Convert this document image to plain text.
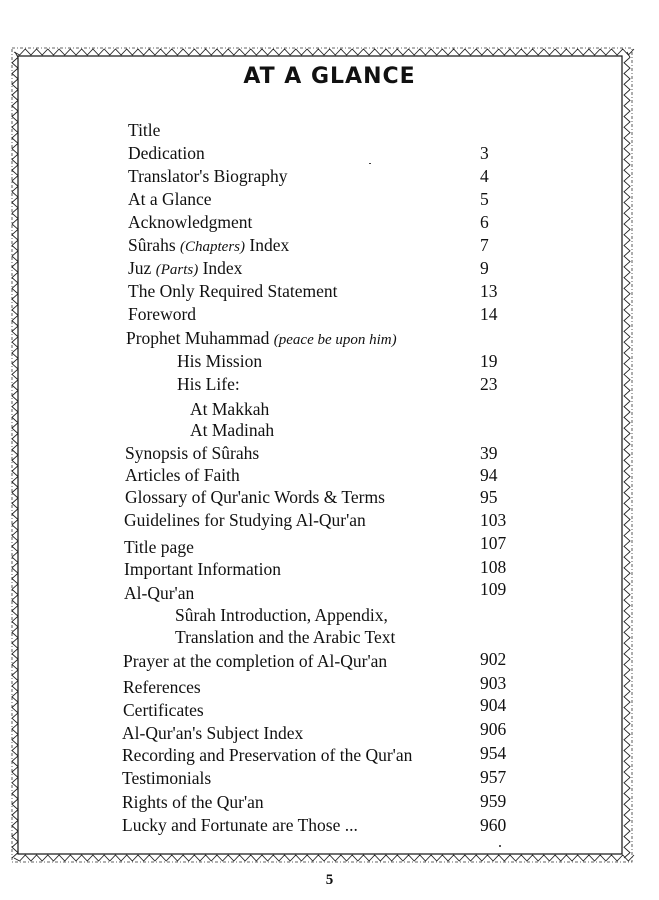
AT A GLANCE
Title
Dedication	3
Translator's Biography	4
At a Glance	5
Acknowledgment	6
Sûrahs (Chapters) Index	7
Juz (Parts) Index	9
The Only Required Statement	13
Foreword	14
Prophet Muhammad (peace be upon him)
His Mission	19
His Life:	23
At Makkah
At Madinah
Synopsis of Sûrahs	39
Articles of Faith	94
Glossary of Qur'anic Words & Terms	95
Guidelines for Studying Al-Qur'an	103
Title page	107
Important Information	108
Al-Qur'an	109
Sûrah Introduction, Appendix,
Translation and the Arabic Text
Prayer at the completion of Al-Qur'an	902
References	903
Certificates	904
Al-Qur'an's Subject Index	906
Recording and Preservation of the Qur'an	954
Testimonials	957
Rights of the Qur'an	959
Lucky and Fortunate are Those ...	960
5
